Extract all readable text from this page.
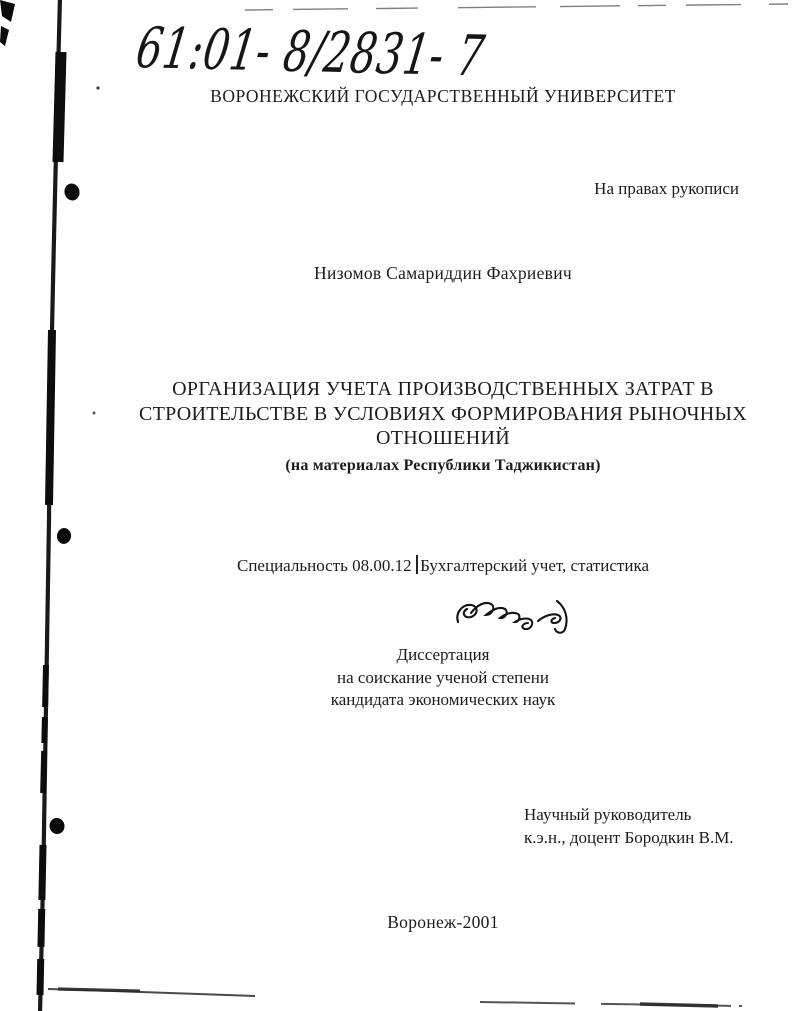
61:01- 8/2831- 7
ВОРОНЕЖСКИЙ ГОСУДАРСТВЕННЫЙ УНИВЕРСИТЕТ
На правах рукописи
Низомов Самариддин Фахриевич
ОРГАНИЗАЦИЯ УЧЕТА ПРОИЗВОДСТВЕННЫХ ЗАТРАТ В
СТРОИТЕЛЬСТВЕ В УСЛОВИЯХ ФОРМИРОВАНИЯ РЫНОЧНЫХ
ОТНОШЕНИЙ
(на материалах Республики Таджикистан)
Специальность 08.00.12 Бухгалтерский учет, статистика
Диссертация
на соискание ученой степени
кандидата экономических наук
Научный руководитель
к.э.н., доцент Бородкин В.М.
Воронеж-2001
